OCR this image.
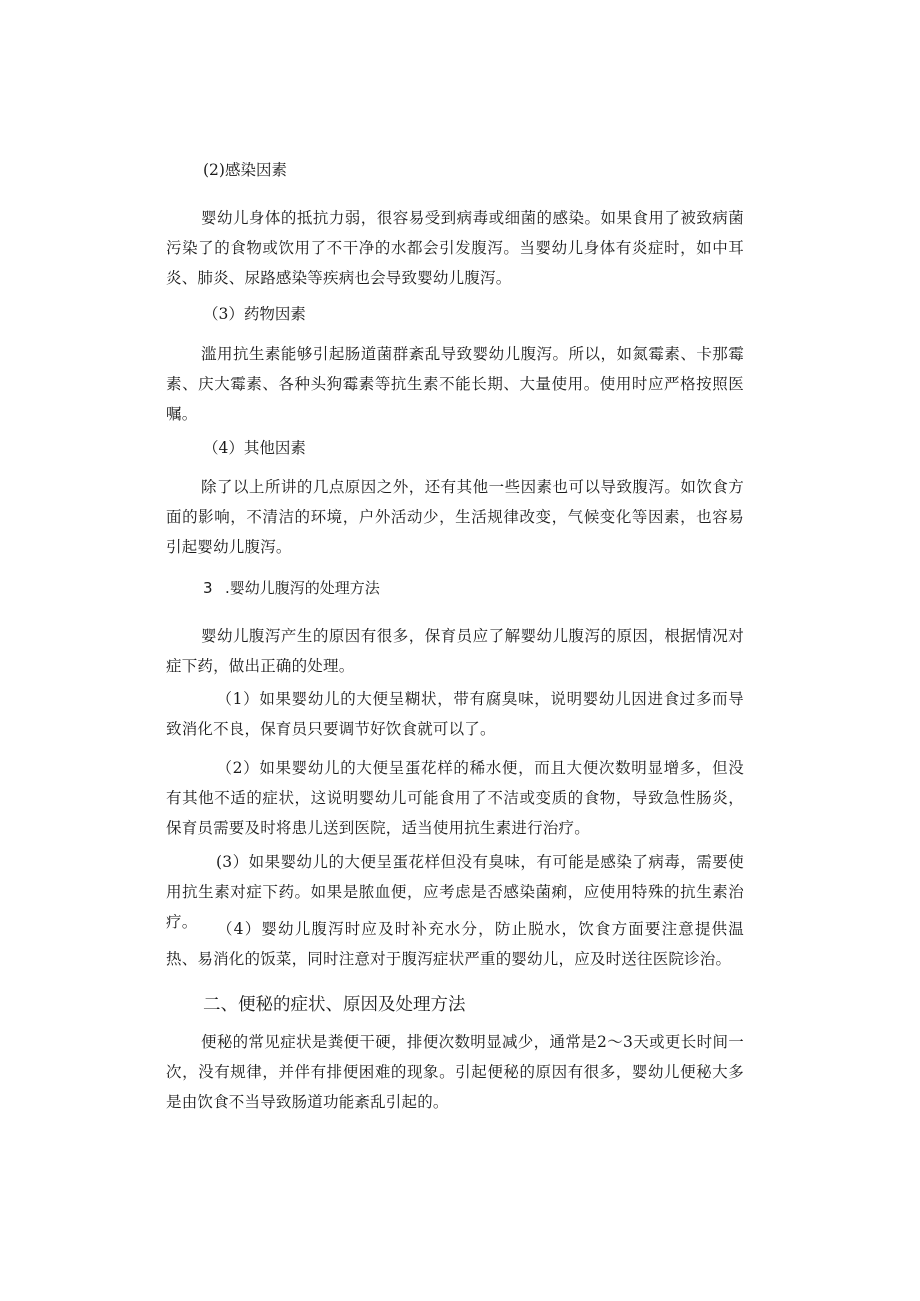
(2)感染因素

婴幼儿身体的抵抗力弱，很容易受到病毒或细菌的感染。如果食用了被致病菌污染了的食物或饮用了不干净的水都会引发腹泻。当婴幼儿身体有炎症时，如中耳炎、肺炎、尿路感染等疾病也会导致婴幼儿腹泻。

（3）药物因素

滥用抗生素能够引起肠道菌群紊乱导致婴幼儿腹泻。所以，如氮霉素、卡那霉素、庆大霉素、各种头狗霉素等抗生素不能长期、大量使用。使用时应严格按照医嘱。

（4）其他因素

除了以上所讲的几点原因之外，还有其他一些因素也可以导致腹泻。如饮食方面的影响，不清洁的环境，户外活动少，生活规律改变，气候变化等因素，也容易引起婴幼儿腹泻。

3 .婴幼儿腹泻的处理方法

婴幼儿腹泻产生的原因有很多，保育员应了解婴幼儿腹泻的原因，根据情况对症下药，做出正确的处理。

（1）如果婴幼儿的大便呈糊状，带有腐臭味，说明婴幼儿因进食过多而导致消化不良，保育员只要调节好饮食就可以了。

（2）如果婴幼儿的大便呈蛋花样的稀水便，而且大便次数明显增多，但没有其他不适的症状，这说明婴幼儿可能食用了不洁或变质的食物，导致急性肠炎，保育员需要及时将患儿送到医院，适当使用抗生素进行治疗。

(3）如果婴幼儿的大便呈蛋花样但没有臭味，有可能是感染了病毒，需要使用抗生素对症下药。如果是脓血便，应考虑是否感染菌痢，应使用特殊的抗生素治疗。	（4）婴幼儿腹泻时应及时补充水分，防止脱水，饮食方面要注意提供温热、易消化的饭菜，同时注意对于腹泻症状严重的婴幼儿，应及时送往医院诊治。

二、便秘的症状、原因及处理方法

便秘的常见症状是粪便干硬，排便次数明显减少，通常是2～3天或更长时间一次，没有规律，并伴有排便困难的现象。引起便秘的原因有很多，婴幼儿便秘大多是由饮食不当导致肠道功能紊乱引起的。
